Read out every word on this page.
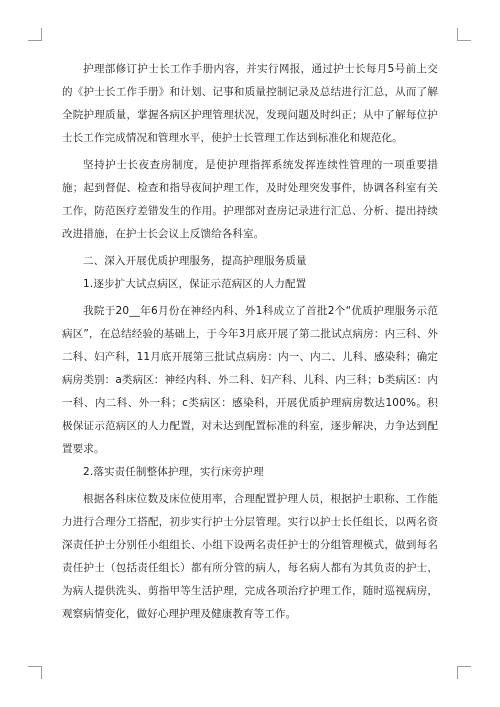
护理部修订护士长工作手册内容，并实行网报，通过护士长每月5号前上交的《护士长工作手册》和计划、记事和质量控制记录及总结进行汇总，从而了解全院护理质量，掌握各病区护理管理状况，发现问题及时纠正；从中了解每位护士长工作完成情况和管理水平，使护士长管理工作达到标准化和规范化。

坚持护士长夜查房制度，是使护理指挥系统发挥连续性管理的一项重要措施；起到督促、检查和指导夜间护理工作，及时处理突发事件，协调各科室有关工作，防范医疗差错发生的作用。护理部对查房记录进行汇总、分析、提出持续改进措施，在护士长会议上反馈给各科室。

二、深入开展优质护理服务，提高护理服务质量

1.逐步扩大试点病区，保证示范病区的人力配置

我院于20__年6月份在神经内科、外1科成立了首批2个“优质护理服务示范病区”，在总结经验的基础上，于今年3月底开展了第二批试点病房：内三科、外二科、妇产科，11月底开展第三批试点病房：内一、内二、儿科、感染科；确定病房类别：a类病区：神经内科、外二科、妇产科、儿科、内三科；b类病区：内一科、内二科、外一科；c类病区：感染科，开展优质护理病房数达100%。积极保证示范病区的人力配置，对未达到配置标准的科室，逐步解决，力争达到配置要求。

2.落实责任制整体护理，实行床旁护理

根据各科床位数及床位使用率，合理配置护理人员，根据护士职称、工作能力进行合理分工搭配，初步实行护士分层管理。实行以护士长任组长，以两名资深责任护士分别任小组组长、小组下设两名责任护士的分组管理模式，做到每名责任护士（包括责任组长）都有所分管的病人，每名病人都有为其负责的护士，为病人提供洗头、剪指甲等生活护理，完成各项治疗护理工作，随时巡视病房，观察病情变化，做好心理护理及健康教育等工作。
